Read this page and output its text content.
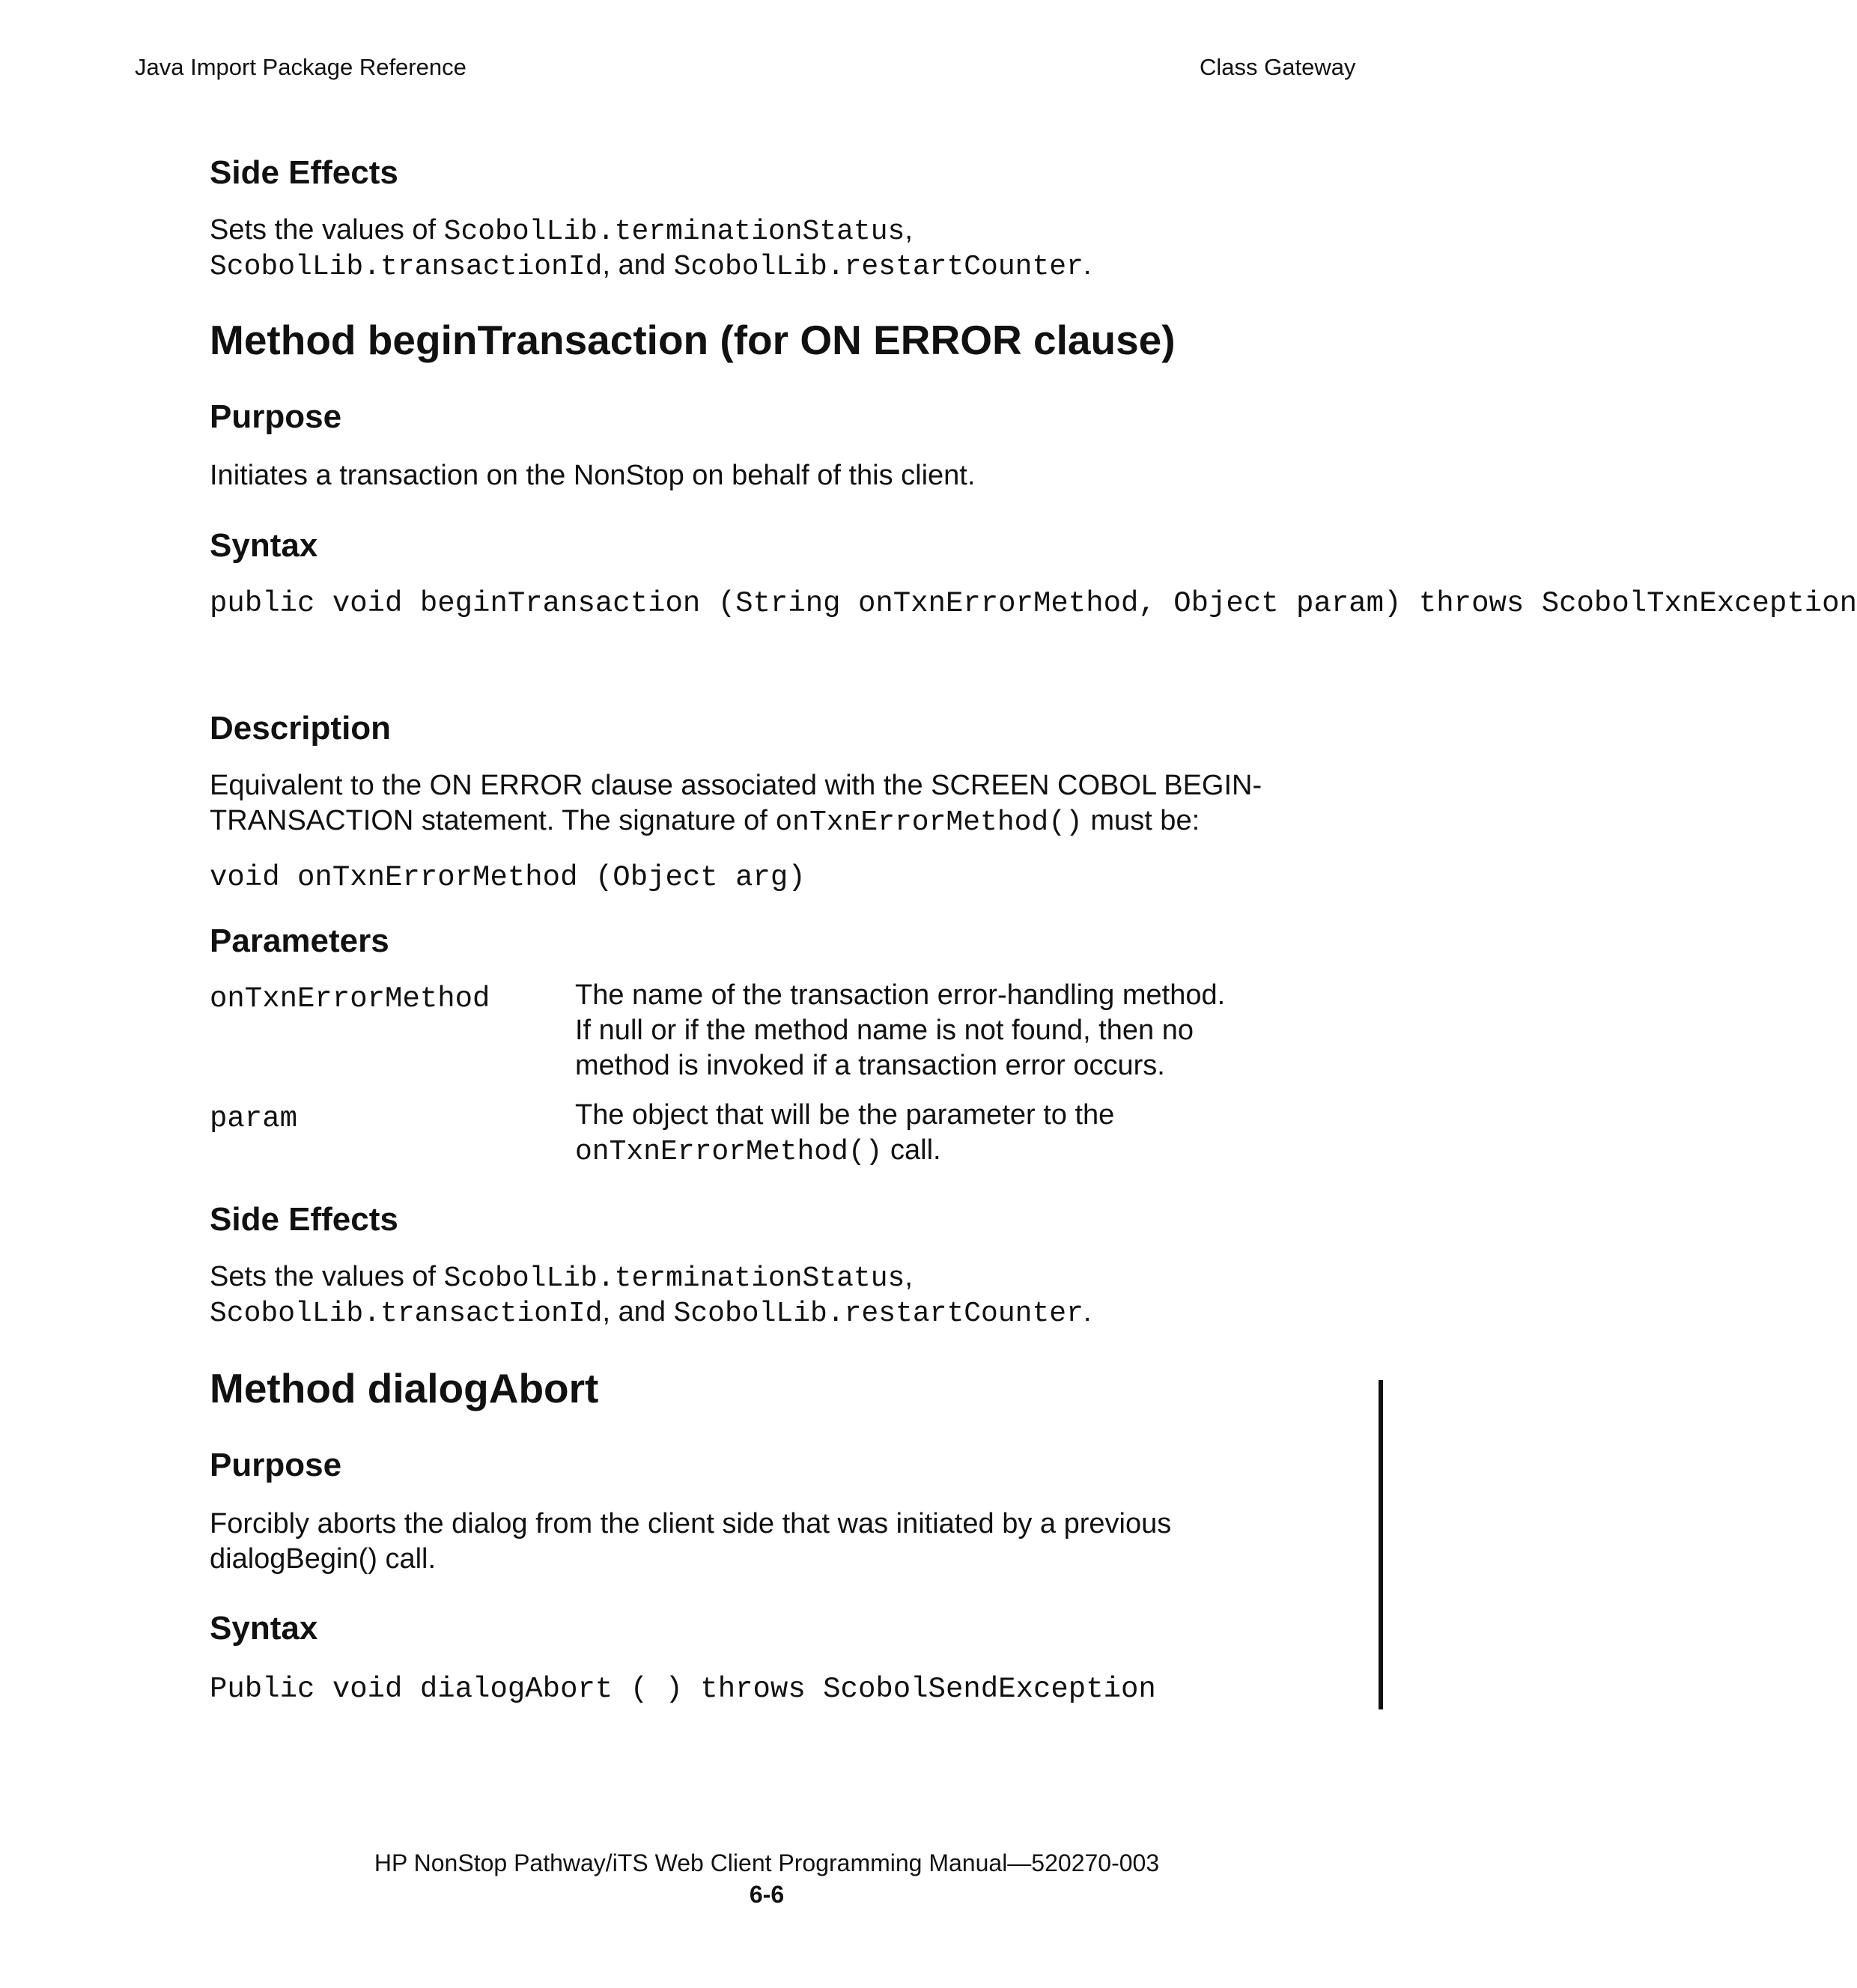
Java Import Package Reference	Class Gateway
Side Effects
Sets the values of ScobolLib.terminationStatus,
ScobolLib.transactionId, and ScobolLib.restartCounter.
Method beginTransaction (for ON ERROR clause)
Purpose
Initiates a transaction on the NonStop on behalf of this client.
Syntax
public void beginTransaction (String onTxnErrorMethod, Object param) throws ScobolTxnException
Description
Equivalent to the ON ERROR clause associated with the SCREEN COBOL BEGIN-
TRANSACTION statement. The signature of onTxnErrorMethod() must be:
void onTxnErrorMethod (Object arg)
Parameters
onTxnErrorMethod	The name of the transaction error-handling method.
If null or if the method name is not found, then no
method is invoked if a transaction error occurs.
param	The object that will be the parameter to the
onTxnErrorMethod() call.
Side Effects
Sets the values of ScobolLib.terminationStatus,
ScobolLib.transactionId, and ScobolLib.restartCounter.
Method dialogAbort
Purpose
Forcibly aborts the dialog from the client side that was initiated by a previous
dialogBegin() call.
Syntax
Public void dialogAbort ( ) throws ScobolSendException
HP NonStop Pathway/iTS Web Client Programming Manual—520270-003
6-6
